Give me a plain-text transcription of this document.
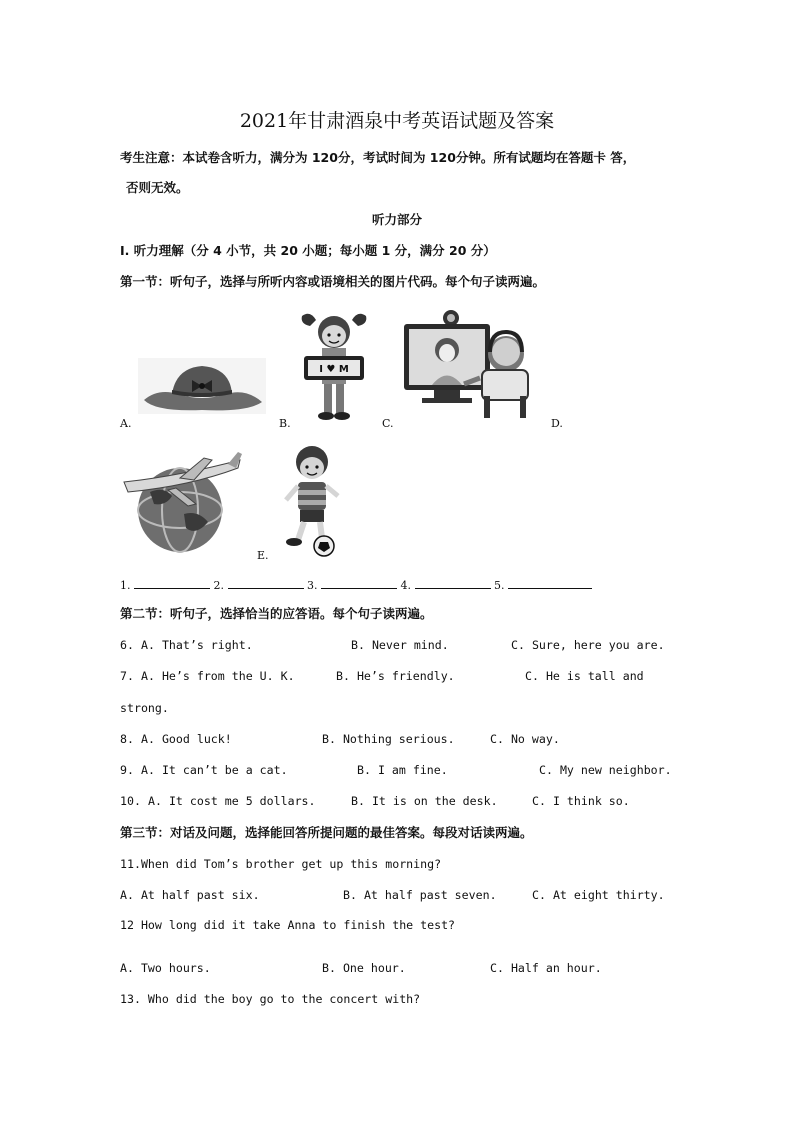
2021年甘肃酒泉中考英语试题及答案
考生注意：本试卷含听力，满分为 120分，考试时间为 120分钟。所有试题均在答题卡 答，
否则无效。
听力部分
I. 听力理解（分 4 小节，共 20 小题；每小题 1 分，满分 20 分）
第一节：听句子，选择与所听内容或语境相关的图片代码。每个句子读两遍。
A.
I ♥ M
B.	C.	D.
E.
1.	2.	3.	4.	5.
第二节：听句子，选择恰当的应答语。每个句子读两遍。
6. A. That’s right.	B. Never mind.	C. Sure, here you are.
7. A. He’s from the U. K.	B. He’s friendly.	C. He is tall and
strong.
8. A. Good luck!	B. Nothing serious.	C. No way.
9. A. It can’t be a cat.	B. I am fine.	C. My new neighbor.
10. A. It cost me 5 dollars.	B. It is on the desk.	C. I think so.
第三节：对话及问题，选择能回答所提问题的最佳答案。每段对话读两遍。
11.When did Tom’s brother get up this morning?
A. At half past six.	B. At half past seven.	C. At eight thirty.
12 How long did it take Anna to finish the test?
A. Two hours.	B. One hour.	C. Half an hour.
13. Who did the boy go to the concert with?
